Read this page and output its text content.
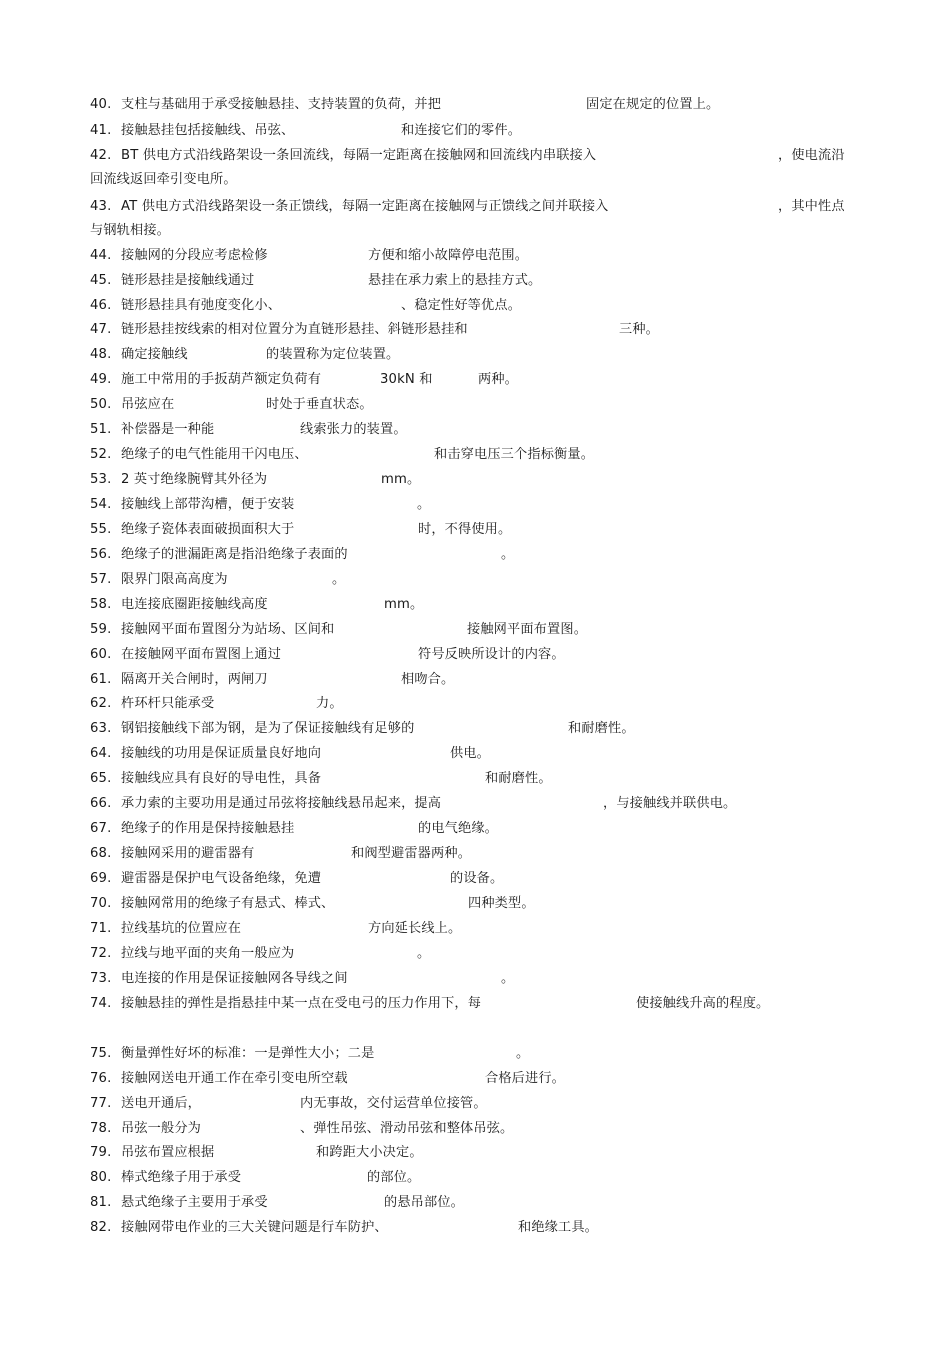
40. 支柱与基础用于承受接触悬挂、支持装置的负荷，并把	固定在规定的位置上。
41. 接触悬挂包括接触线、吊弦、	和连接它们的零件。
42. BT 供电方式沿线路架设一条回流线，每隔一定距离在接触网和回流线内串联接入	，使电流沿
回流线返回牵引变电所。
43. AT 供电方式沿线路架设一条正馈线，每隔一定距离在接触网与正馈线之间并联接入	，其中性点
与钢轨相接。
44. 接触网的分段应考虑检修	方便和缩小故障停电范围。
45. 链形悬挂是接触线通过	悬挂在承力索上的悬挂方式。
46. 链形悬挂具有弛度变化小、	、稳定性好等优点。
47. 链形悬挂按线索的相对位置分为直链形悬挂、斜链形悬挂和	三种。
48. 确定接触线	的装置称为定位装置。
49. 施工中常用的手扳葫芦额定负荷有	30kN 和	两种。
50. 吊弦应在	时处于垂直状态。
51. 补偿器是一种能	线索张力的装置。
52. 绝缘子的电气性能用干闪电压、	和击穿电压三个指标衡量。
53. 2 英寸绝缘腕臂其外径为	mm。
54. 接触线上部带沟槽，便于安装	。
55. 绝缘子瓷体表面破损面积大于	时，不得使用。
56. 绝缘子的泄漏距离是指沿绝缘子表面的	。
57. 限界门限高高度为	。
58. 电连接底圈距接触线高度	mm。
59. 接触网平面布置图分为站场、区间和	接触网平面布置图。
60. 在接触网平面布置图上通过	符号反映所设计的内容。
61. 隔离开关合闸时，两闸刀	相吻合。
62. 杵环杆只能承受	力。
63. 钢铝接触线下部为钢，是为了保证接触线有足够的	和耐磨性。
64. 接触线的功用是保证质量良好地向	供电。
65. 接触线应具有良好的导电性，具备	和耐磨性。
66. 承力索的主要功用是通过吊弦将接触线悬吊起来，提高	，与接触线并联供电。
67. 绝缘子的作用是保持接触悬挂	的电气绝缘。
68. 接触网采用的避雷器有	和阀型避雷器两种。
69. 避雷器是保护电气设备绝缘，免遭	的设备。
70. 接触网常用的绝缘子有悬式、棒式、	四种类型。
71. 拉线基坑的位置应在	方向延长线上。
72. 拉线与地平面的夹角一般应为	。
73. 电连接的作用是保证接触网各导线之间	。
74. 接触悬挂的弹性是指悬挂中某一点在受电弓的压力作用下，每	使接触线升高的程度。
75. 衡量弹性好坏的标准：一是弹性大小；二是	。
76. 接触网送电开通工作在牵引变电所空载	合格后进行。
77. 送电开通后，	内无事故，交付运营单位接管。
78. 吊弦一般分为	、弹性吊弦、滑动吊弦和整体吊弦。
79. 吊弦布置应根据	和跨距大小决定。
80. 棒式绝缘子用于承受	的部位。
81. 悬式绝缘子主要用于承受	的悬吊部位。
82. 接触网带电作业的三大关键问题是行车防护、	和绝缘工具。
